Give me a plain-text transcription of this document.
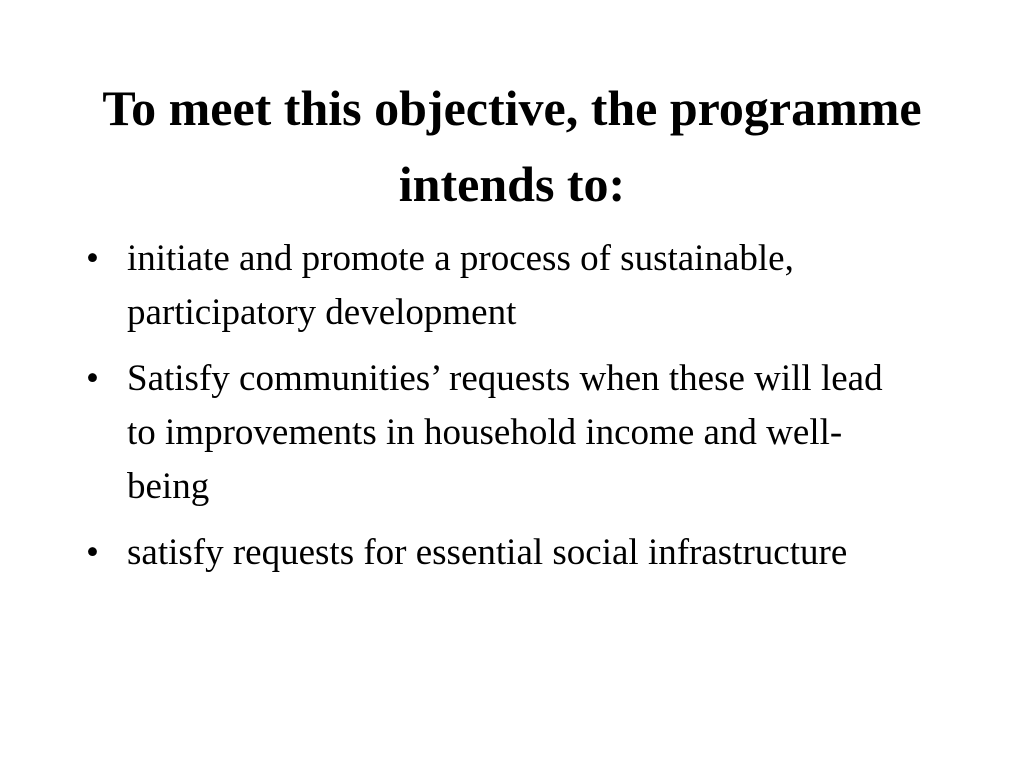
To meet this objective, the programme intends to:
• initiate and promote a process of sustainable, participatory development
• Satisfy communities’ requests when these will lead to improvements in household income and well-being
• satisfy requests for essential social infrastructure
